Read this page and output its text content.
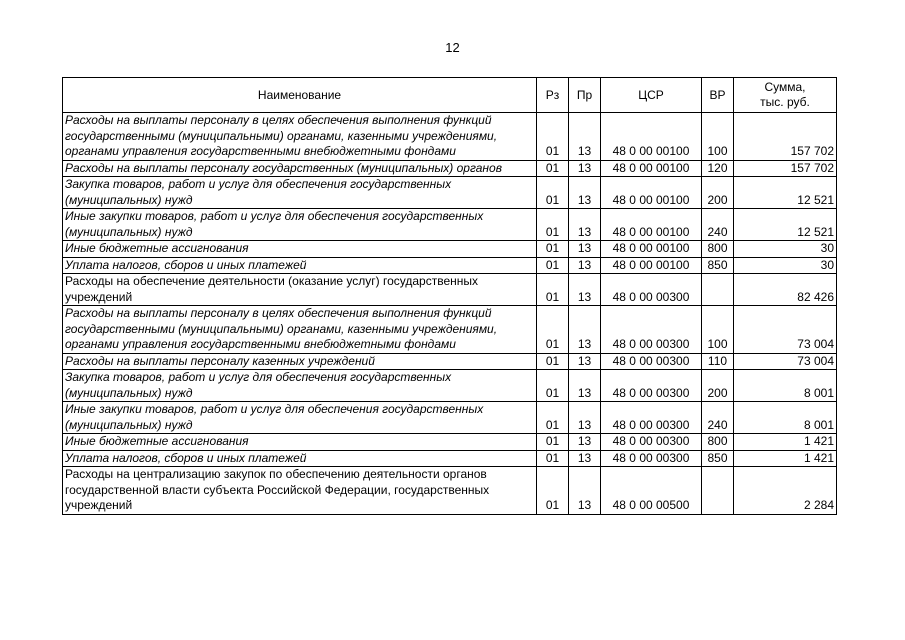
12
Наименование	Рз	Пр	ЦСР	ВР	Сумма,
тыс. руб.

Расходы на выплаты персоналу в целях обеспечения выполнения функций государственными (муниципальными) органами, казенными учреждениями, органами управления государственными внебюджетными фондами	01	13	48 0 00 00100	100	157 702
Расходы на выплаты персоналу государственных (муниципальных) органов	01	13	48 0 00 00100	120	157 702
Закупка товаров, работ и услуг для обеспечения государственных (муниципальных) нужд	01	13	48 0 00 00100	200	12 521
Иные закупки товаров, работ и услуг для обеспечения государственных (муниципальных) нужд	01	13	48 0 00 00100	240	12 521
Иные бюджетные ассигнования	01	13	48 0 00 00100	800	30
Уплата налогов, сборов и иных платежей	01	13	48 0 00 00100	850	30
Расходы на обеспечение деятельности (оказание услуг) государственных учреждений	01	13	48 0 00 00300		82 426
Расходы на выплаты персоналу в целях обеспечения выполнения функций государственными (муниципальными) органами, казенными учреждениями, органами управления государственными внебюджетными фондами	01	13	48 0 00 00300	100	73 004
Расходы на выплаты персоналу казенных учреждений	01	13	48 0 00 00300	110	73 004
Закупка товаров, работ и услуг для обеспечения государственных (муниципальных) нужд	01	13	48 0 00 00300	200	8 001
Иные закупки товаров, работ и услуг для обеспечения государственных (муниципальных) нужд	01	13	48 0 00 00300	240	8 001
Иные бюджетные ассигнования	01	13	48 0 00 00300	800	1 421
Уплата налогов, сборов и иных платежей	01	13	48 0 00 00300	850	1 421
Расходы на централизацию закупок по обеспечению деятельности органов государственной власти субъекта Российской Федерации, государственных учреждений	01	13	48 0 00 00500		2 284
